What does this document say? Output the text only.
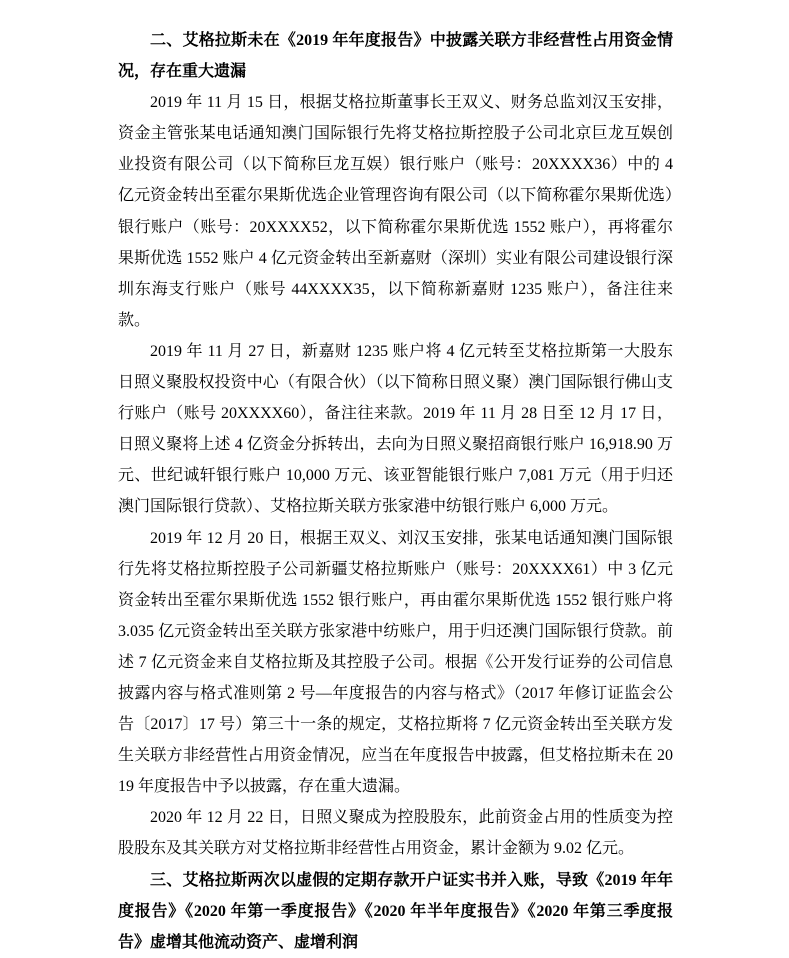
二、艾格拉斯未在《2019 年年度报告》中披露关联方非经营性占用资金情况，存在重大遗漏

2019 年 11 月 15 日，根据艾格拉斯董事长王双义、财务总监刘汉玉安排，资金主管张某电话通知澳门国际银行先将艾格拉斯控股子公司北京巨龙互娱创业投资有限公司（以下简称巨龙互娱）银行账户（账号：20XXXX36）中的 4 亿元资金转出至霍尔果斯优选企业管理咨询有限公司（以下简称霍尔果斯优选）银行账户（账号：20XXXX52，以下简称霍尔果斯优选 1552 账户），再将霍尔果斯优选 1552 账户 4 亿元资金转出至新嘉财（深圳）实业有限公司建设银行深圳东海支行账户（账号 44XXXX35，以下简称新嘉财 1235 账户），备注往来款。

2019 年 11 月 27 日，新嘉财 1235 账户将 4 亿元转至艾格拉斯第一大股东日照义聚股权投资中心（有限合伙）（以下简称日照义聚）澳门国际银行佛山支行账户（账号 20XXXX60），备注往来款。2019 年 11 月 28 日至 12 月 17 日，日照义聚将上述 4 亿资金分拆转出，去向为日照义聚招商银行账户 16,918.90 万元、世纪诚轩银行账户 10,000 万元、该亚智能银行账户 7,081 万元（用于归还澳门国际银行贷款）、艾格拉斯关联方张家港中纺银行账户 6,000 万元。

2019 年 12 月 20 日，根据王双义、刘汉玉安排，张某电话通知澳门国际银行先将艾格拉斯控股子公司新疆艾格拉斯账户（账号：20XXXX61）中 3 亿元资金转出至霍尔果斯优选 1552 银行账户，再由霍尔果斯优选 1552 银行账户将 3.035 亿元资金转出至关联方张家港中纺账户，用于归还澳门国际银行贷款。前述 7 亿元资金来自艾格拉斯及其控股子公司。根据《公开发行证券的公司信息披露内容与格式准则第 2 号—年度报告的内容与格式》（2017 年修订证监会公告〔2017〕17 号）第三十一条的规定，艾格拉斯将 7 亿元资金转出至关联方发生关联方非经营性占用资金情况，应当在年度报告中披露，但艾格拉斯未在 2019 年度报告中予以披露，存在重大遗漏。

2020 年 12 月 22 日，日照义聚成为控股股东，此前资金占用的性质变为控股股东及其关联方对艾格拉斯非经营性占用资金，累计金额为 9.02 亿元。

三、艾格拉斯两次以虚假的定期存款开户证实书并入账，导致《2019 年年度报告》《2020 年第一季度报告》《2020 年半年度报告》《2020 年第三季度报告》虚增其他流动资产、虚增利润
